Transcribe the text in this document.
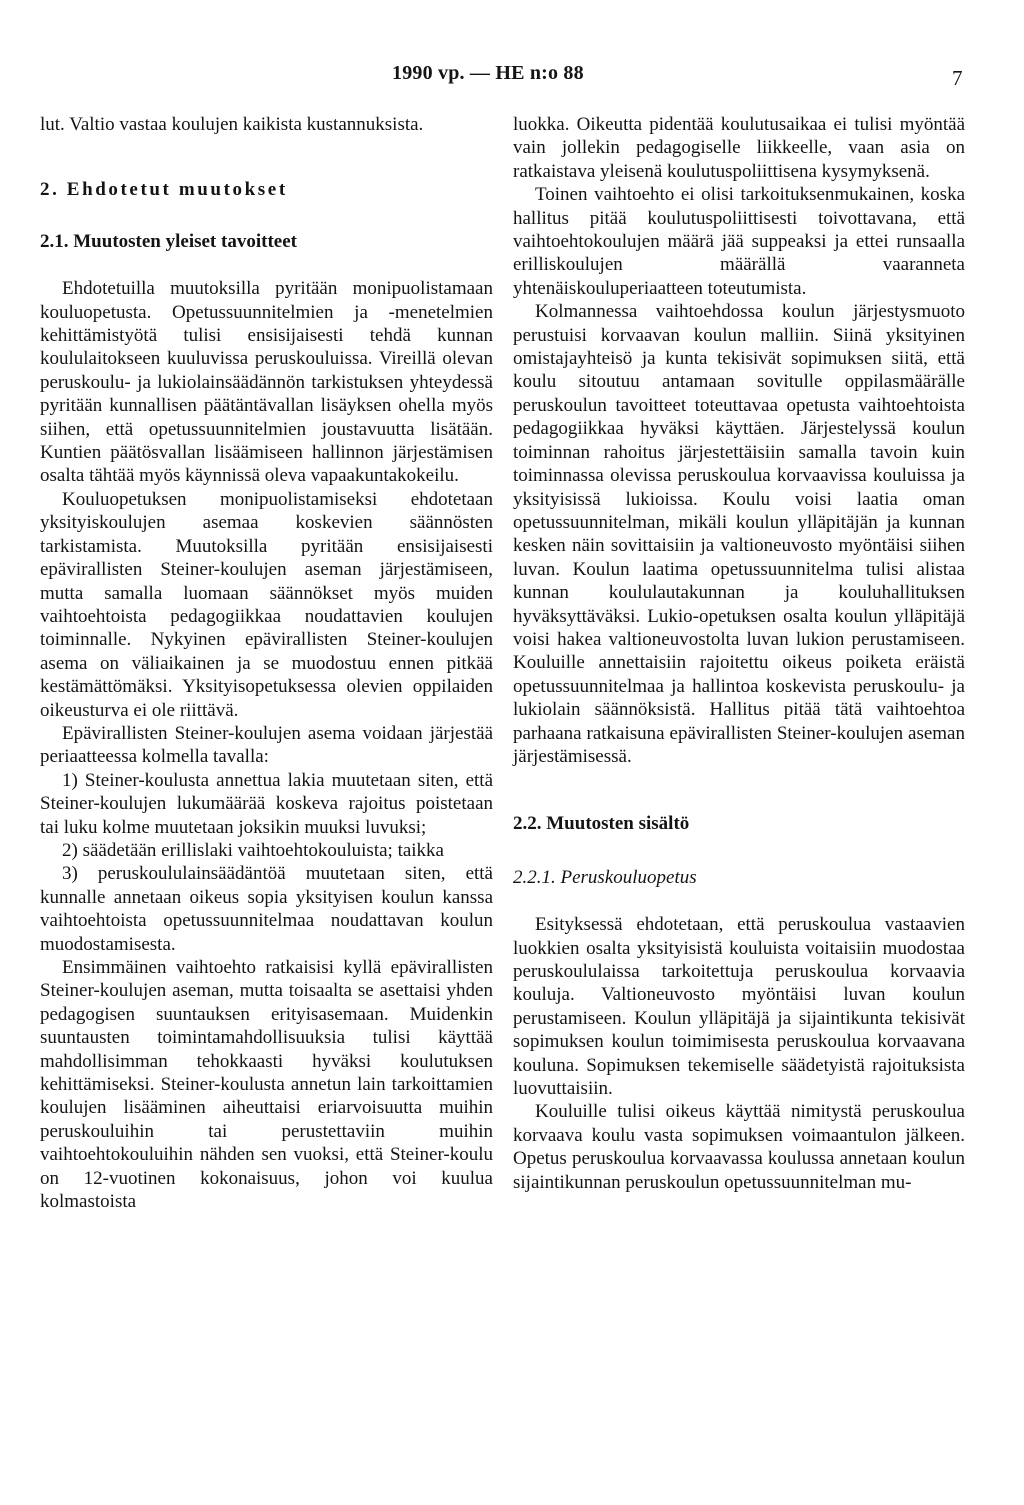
1990 vp. — HE n:o 88	7

lut. Valtio vastaa koulujen kaikista kustannuksista.

2. Ehdotetut muutokset

2.1. Muutosten yleiset tavoitteet

Ehdotetuilla muutoksilla pyritään monipuolistamaan kouluopetusta. Opetussuunnitelmien ja -menetelmien kehittämistyötä tulisi ensisijaisesti tehdä kunnan koululaitokseen kuuluvissa peruskouluissa. Vireillä olevan peruskoulu- ja lukiolainsäädännön tarkistuksen yhteydessä pyritään kunnallisen päätäntävallan lisäyksen ohella myös siihen, että opetussuunnitelmien joustavuutta lisätään. Kuntien päätösvallan lisäämiseen hallinnon järjestämisen osalta tähtää myös käynnissä oleva vapaakuntakokeilu.

Kouluopetuksen monipuolistamiseksi ehdotetaan yksityiskoulujen asemaa koskevien säännösten tarkistamista. Muutoksilla pyritään ensisijaisesti epävirallisten Steiner-koulujen aseman järjestämiseen, mutta samalla luomaan säännökset myös muiden vaihtoehtoista pedagogiikkaa noudattavien koulujen toiminnalle. Nykyinen epävirallisten Steiner-koulujen asema on väliaikainen ja se muodostuu ennen pitkää kestämättömäksi. Yksityisopetuksessa olevien oppilaiden oikeusturva ei ole riittävä.

Epävirallisten Steiner-koulujen asema voidaan järjestää periaatteessa kolmella tavalla:

1) Steiner-koulusta annettua lakia muutetaan siten, että Steiner-koulujen lukumäärää koskeva rajoitus poistetaan tai luku kolme muutetaan joksikin muuksi luvuksi;

2) säädetään erillislaki vaihtoehtokouluista; taikka

3) peruskoululainsäädäntöä muutetaan siten, että kunnalle annetaan oikeus sopia yksityisen koulun kanssa vaihtoehtoista opetussuunnitelmaa noudattavan koulun muodostamisesta.

Ensimmäinen vaihtoehto ratkaisisi kyllä epävirallisten Steiner-koulujen aseman, mutta toisaalta se asettaisi yhden pedagogisen suuntauksen erityisasemaan. Muidenkin suuntausten toimintamahdollisuuksia tulisi käyttää mahdollisimman tehokkaasti hyväksi koulutuksen kehittämiseksi. Steiner-koulusta annetun lain tarkoittamien koulujen lisääminen aiheuttaisi eriarvoisuutta muihin peruskouluihin tai perustettaviin muihin vaihtoehtokouluihin nähden sen vuoksi, että Steiner-koulu on 12-vuotinen kokonaisuus, johon voi kuulua kolmastoista

luokka. Oikeutta pidentää koulutusaikaa ei tulisi myöntää vain jollekin pedagogiselle liikkeelle, vaan asia on ratkaistava yleisenä koulutuspoliittisena kysymyksenä.

Toinen vaihtoehto ei olisi tarkoituksenmukainen, koska hallitus pitää koulutuspoliittisesti toivottavana, että vaihtoehtokoulujen määrä jää suppeaksi ja ettei runsaalla erilliskoulujen määrällä vaaranneta yhtenäiskouluperiaatteen toteutumista.

Kolmannessa vaihtoehdossa koulun järjestysmuoto perustuisi korvaavan koulun malliin. Siinä yksityinen omistajayhteisö ja kunta tekisivät sopimuksen siitä, että koulu sitoutuu antamaan sovitulle oppilasmäärälle peruskoulun tavoitteet toteuttavaa opetusta vaihtoehtoista pedagogiikkaa hyväksi käyttäen. Järjestelyssä koulun toiminnan rahoitus järjestettäisiin samalla tavoin kuin toiminnassa olevissa peruskoulua korvaavissa kouluissa ja yksityisissä lukioissa. Koulu voisi laatia oman opetussuunnitelman, mikäli koulun ylläpitäjän ja kunnan kesken näin sovittaisiin ja valtioneuvosto myöntäisi siihen luvan. Koulun laatima opetussuunnitelma tulisi alistaa kunnan koululautakunnan ja kouluhallituksen hyväksyttäväksi. Lukio-opetuksen osalta koulun ylläpitäjä voisi hakea valtioneuvostolta luvan lukion perustamiseen. Kouluille annettaisiin rajoitettu oikeus poiketa eräistä opetussuunnitelmaa ja hallintoa koskevista peruskoulu- ja lukiolain säännöksistä. Hallitus pitää tätä vaihtoehtoa parhaana ratkaisuna epävirallisten Steiner-koulujen aseman järjestämisessä.

2.2. Muutosten sisältö

2.2.1. Peruskouluopetus

Esityksessä ehdotetaan, että peruskoulua vastaavien luokkien osalta yksityisistä kouluista voitaisiin muodostaa peruskoululaissa tarkoitettuja peruskoulua korvaavia kouluja. Valtioneuvosto myöntäisi luvan koulun perustamiseen. Koulun ylläpitäjä ja sijaintikunta tekisivät sopimuksen koulun toimimisesta peruskoulua korvaavana kouluna. Sopimuksen tekemiselle säädetyistä rajoituksista luovuttaisiin.

Kouluille tulisi oikeus käyttää nimitystä peruskoulua korvaava koulu vasta sopimuksen voimaantulon jälkeen. Opetus peruskoulua korvaavassa koulussa annetaan koulun sijaintikunnan peruskoulun opetussuunnitelman mu-
